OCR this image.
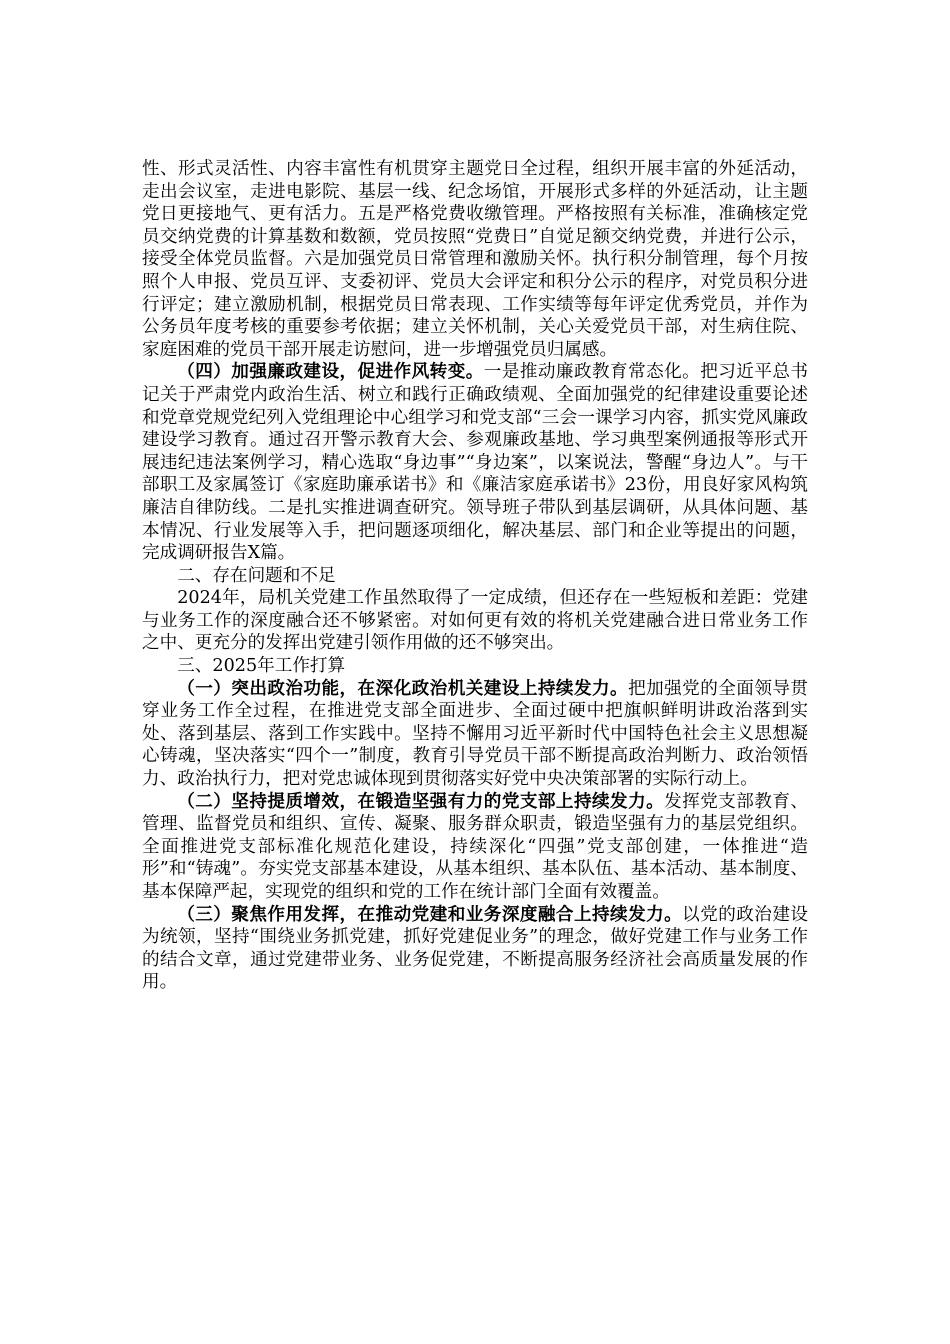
性、形式灵活性、内容丰富性有机贯穿主题党日全过程，组织开展丰富的外延活动，走出会议室，走进电影院、基层一线、纪念场馆，开展形式多样的外延活动，让主题党日更接地气、更有活力。五是严格党费收缴管理。严格按照有关标准，准确核定党员交纳党费的计算基数和数额，党员按照“党费日”自觉足额交纳党费，并进行公示，接受全体党员监督。六是加强党员日常管理和激励关怀。执行积分制管理，每个月按照个人申报、党员互评、支委初评、党员大会评定和积分公示的程序，对党员积分进行评定；建立激励机制，根据党员日常表现、工作实绩等每年评定优秀党员，并作为公务员年度考核的重要参考依据；建立关怀机制，关心关爱党员干部，对生病住院、家庭困难的党员干部开展走访慰问，进一步增强党员归属感。

（四）加强廉政建设，促进作风转变。一是推动廉政教育常态化。把习近平总书记关于严肃党内政治生活、树立和践行正确政绩观、全面加强党的纪律建设重要论述和党章党规党纪列入党组理论中心组学习和党支部“三会一课学习内容，抓实党风廉政建设学习教育。通过召开警示教育大会、参观廉政基地、学习典型案例通报等形式开展违纪违法案例学习，精心选取“身边事”“身边案”，以案说法，警醒“身边人”。与干部职工及家属签订《家庭助廉承诺书》和《廉洁家庭承诺书》23份，用良好家风构筑廉洁自律防线。二是扎实推进调查研究。领导班子带队到基层调研，从具体问题、基本情况、行业发展等入手，把问题逐项细化，解决基层、部门和企业等提出的问题，完成调研报告X篇。

二、存在问题和不足

2024年，局机关党建工作虽然取得了一定成绩，但还存在一些短板和差距：党建与业务工作的深度融合还不够紧密。对如何更有效的将机关党建融合进日常业务工作之中、更充分的发挥出党建引领作用做的还不够突出。

三、2025年工作打算

（一）突出政治功能，在深化政治机关建设上持续发力。把加强党的全面领导贯穿业务工作全过程，在推进党支部全面进步、全面过硬中把旗帜鲜明讲政治落到实处、落到基层、落到工作实践中。坚持不懈用习近平新时代中国特色社会主义思想凝心铸魂，坚决落实“四个一”制度，教育引导党员干部不断提高政治判断力、政治领悟力、政治执行力，把对党忠诚体现到贯彻落实好党中央决策部署的实际行动上。

（二）坚持提质增效，在锻造坚强有力的党支部上持续发力。发挥党支部教育、管理、监督党员和组织、宣传、凝聚、服务群众职责，锻造坚强有力的基层党组织。全面推进党支部标准化规范化建设，持续深化“四强”党支部创建，一体推进“造形”和“铸魂”。夯实党支部基本建设，从基本组织、基本队伍、基本活动、基本制度、基本保障严起，实现党的组织和党的工作在统计部门全面有效覆盖。

（三）聚焦作用发挥，在推动党建和业务深度融合上持续发力。以党的政治建设为统领，坚持“围绕业务抓党建，抓好党建促业务”的理念，做好党建工作与业务工作的结合文章，通过党建带业务、业务促党建，不断提高服务经济社会高质量发展的作用。
